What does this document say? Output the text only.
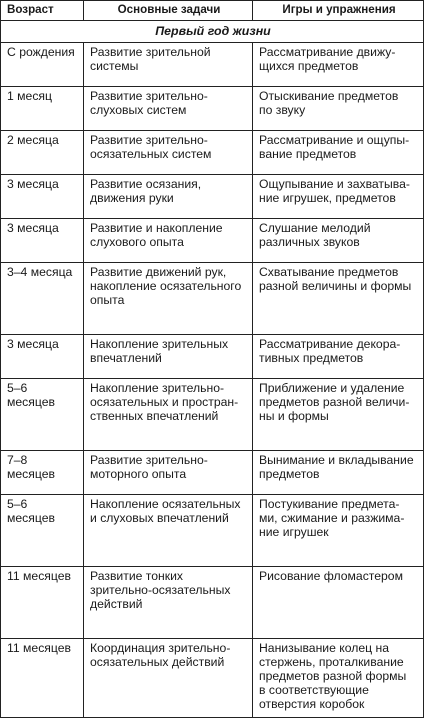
Возраст	Основные задачи	Игры и упражнения
Первый год жизни		

С рождения	Развитие зрительной
системы	Рассматривание движу-
щихся предметов

1 месяц	Развитие зрительно-
слуховых систем	Отыскивание предметов
по звуку

2 месяца	Развитие зрительно-
осязательных систем	Рассматривание и ощупы-
вание предметов

3 месяца	Развитие осязания,
движения руки	Ощупывание и захватыва-
ние игрушек, предметов

3 месяца	Развитие и накопление
слухового опыта	Слушание мелодий
различных звуков

3–4 месяца	Развитие движений рук,
накопление осязательного
опыта	Схватывание предметов
разной величины и формы

3 месяца	Накопление зрительных
впечатлений	Рассматривание декора-
тивных предметов

5–6
месяцев	Накопление зрительно-
осязательных и простран-
ственных впечатлений	Приближение и удаление
предметов разной величи-
ны и формы

7–8
месяцев	Развитие зрительно-
моторного опыта	Вынимание и вкладывание
предметов

5–6
месяцев	Накопление осязательных
и слуховых впечатлений	Постукивание предмета-
ми, сжимание и разжима-
ние игрушек

11 месяцев	Развитие тонких
зрительно-осязательных
действий	Рисование фломастером

11 месяцев	Координация зрительно-
осязательных действий	Нанизывание колец на
стержень, проталкивание
предметов разной формы
в соответствующие
отверстия коробок
